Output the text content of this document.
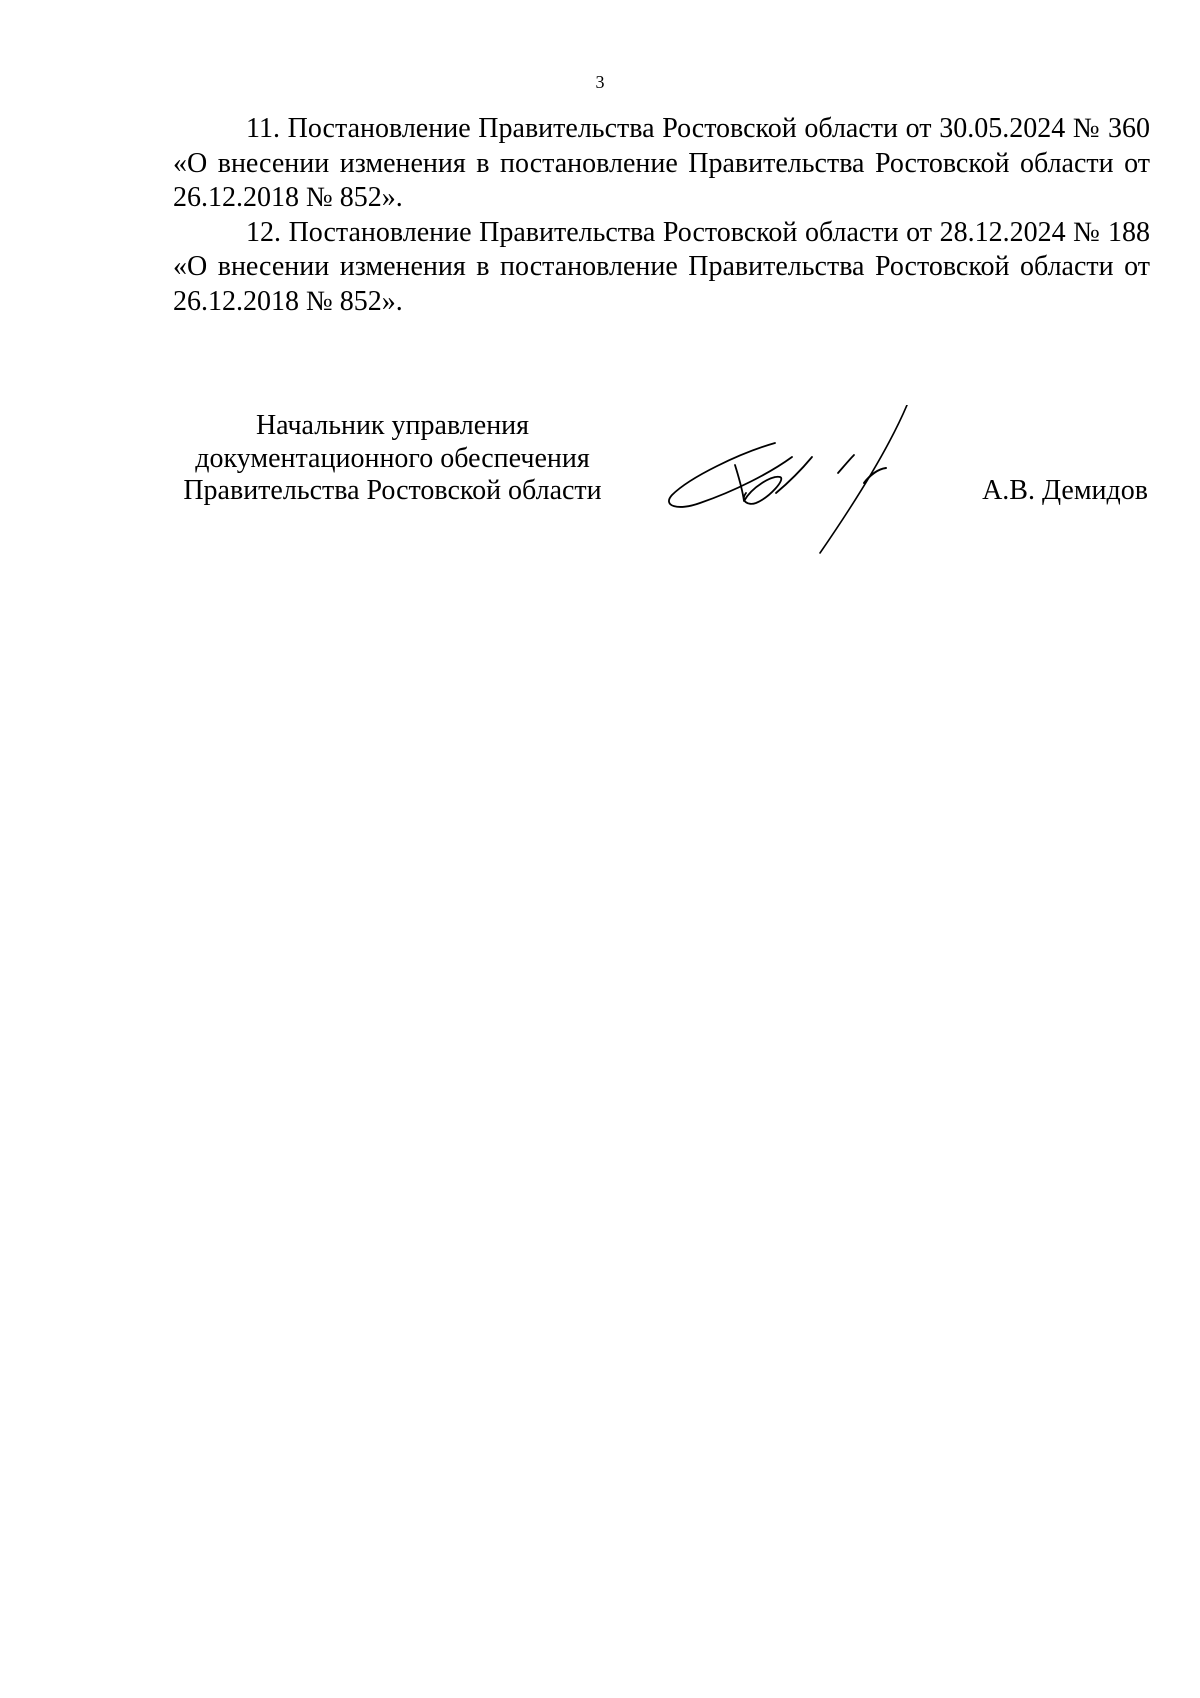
3

11. Постановление Правительства Ростовской области от 30.05.2024 № 360 «О внесении изменения в постановление Правительства Ростовской области от 26.12.2018 № 852».

12. Постановление Правительства Ростовской области от 28.12.2024 № 188 «О внесении изменения в постановление Правительства Ростовской области от 26.12.2018 № 852».

Начальник управления
документационного обеспечения
Правительства Ростовской области	А.В. Демидов
